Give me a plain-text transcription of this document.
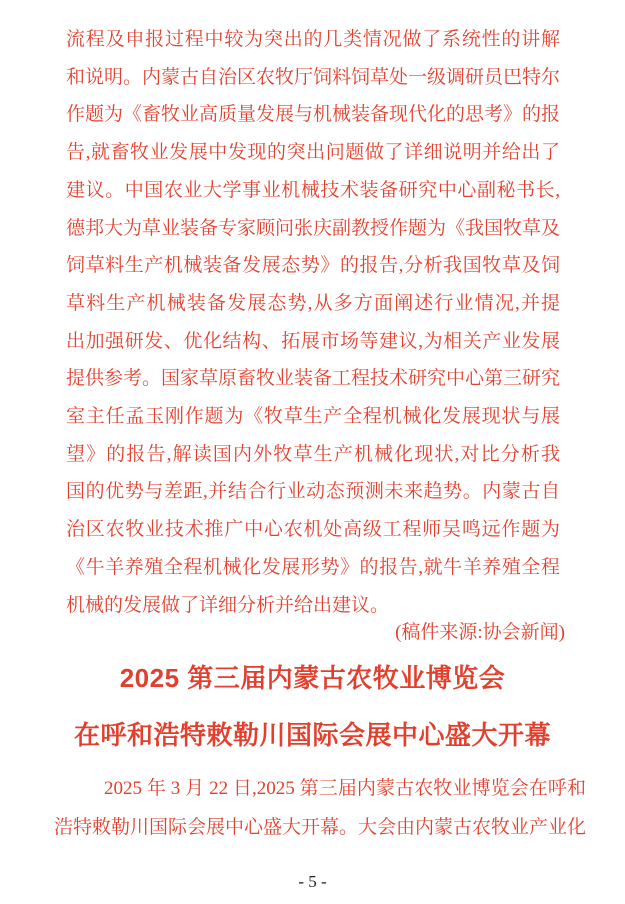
流程及申报过程中较为突出的几类情况做了系统性的讲解
和说明。内蒙古自治区农牧厅饲料饲草处一级调研员巴特尔
作题为《畜牧业高质量发展与机械装备现代化的思考》的报
告,就畜牧业发展中发现的突出问题做了详细说明并给出了
建议。中国农业大学事业机械技术装备研究中心副秘书长,
德邦大为草业装备专家顾问张庆副教授作题为《我国牧草及
饲草料生产机械装备发展态势》的报告,分析我国牧草及饲
草料生产机械装备发展态势,从多方面阐述行业情况,并提
出加强研发、优化结构、拓展市场等建议,为相关产业发展
提供参考。国家草原畜牧业装备工程技术研究中心第三研究
室主任孟玉刚作题为《牧草生产全程机械化发展现状与展
望》的报告,解读国内外牧草生产机械化现状,对比分析我
国的优势与差距,并结合行业动态预测未来趋势。内蒙古自
治区农牧业技术推广中心农机处高级工程师吴鸣远作题为
《牛羊养殖全程机械化发展形势》的报告,就牛羊养殖全程
机械的发展做了详细分析并给出建议。
(稿件来源:协会新闻)
2025 第三届内蒙古农牧业博览会
在呼和浩特敕勒川国际会展中心盛大开幕
2025 年 3 月 22 日,2025 第三届内蒙古农牧业博览会在呼和
浩特敕勒川国际会展中心盛大开幕。大会由内蒙古农牧业产业化
- 5 -
